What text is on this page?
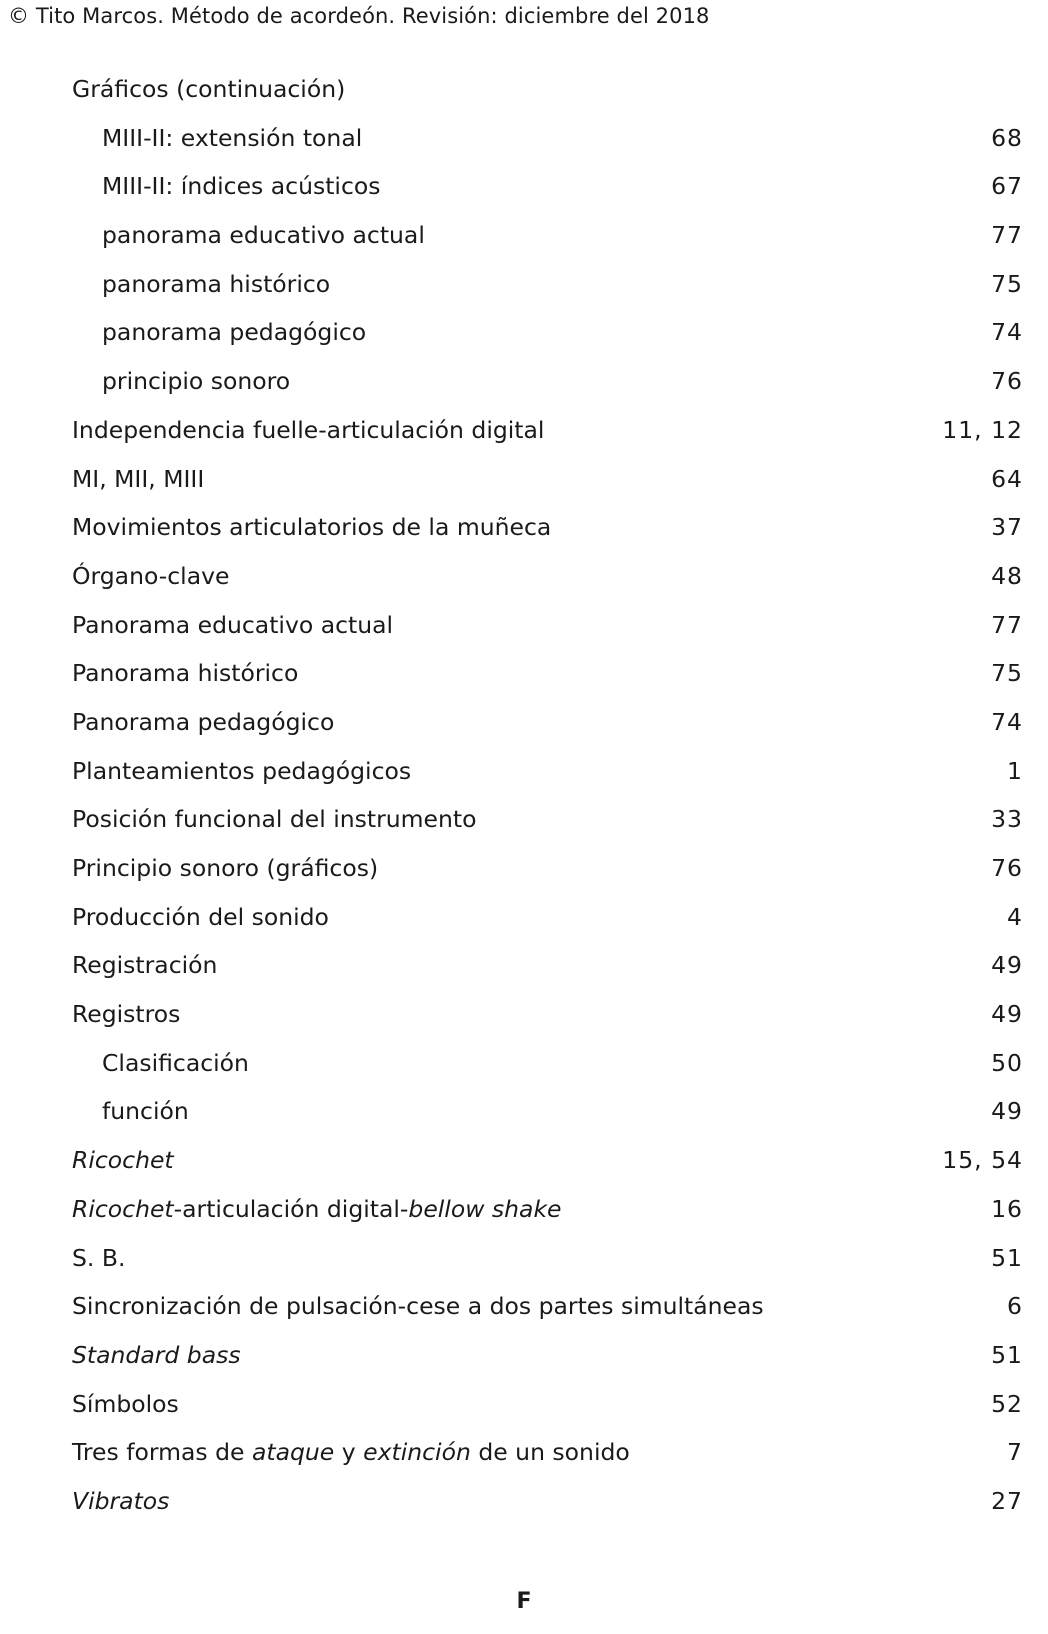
© Tito Marcos. Método de acordeón. Revisión: diciembre del 2018
Gráficos (continuación)
MIII-II: extensión tonal	68
MIII-II: índices acústicos	67
panorama educativo actual	77
panorama histórico	75
panorama pedagógico	74
principio sonoro	76
Independencia fuelle-articulación digital	11, 12
MI, MII, MIII	64
Movimientos articulatorios de la muñeca	37
Órgano-clave	48
Panorama educativo actual	77
Panorama histórico	75
Panorama pedagógico	74
Planteamientos pedagógicos	1
Posición funcional del instrumento	33
Principio sonoro (gráficos)	76
Producción del sonido	4
Registración	49
Registros	49
Clasificación	50
función	49
Ricochet	15, 54
Ricochet-articulación digital-bellow shake	16
S. B.	51
Sincronización de pulsación-cese a dos partes simultáneas	6
Standard bass	51
Símbolos	52
Tres formas de ataque y extinción de un sonido	7
Vibratos	27
F
